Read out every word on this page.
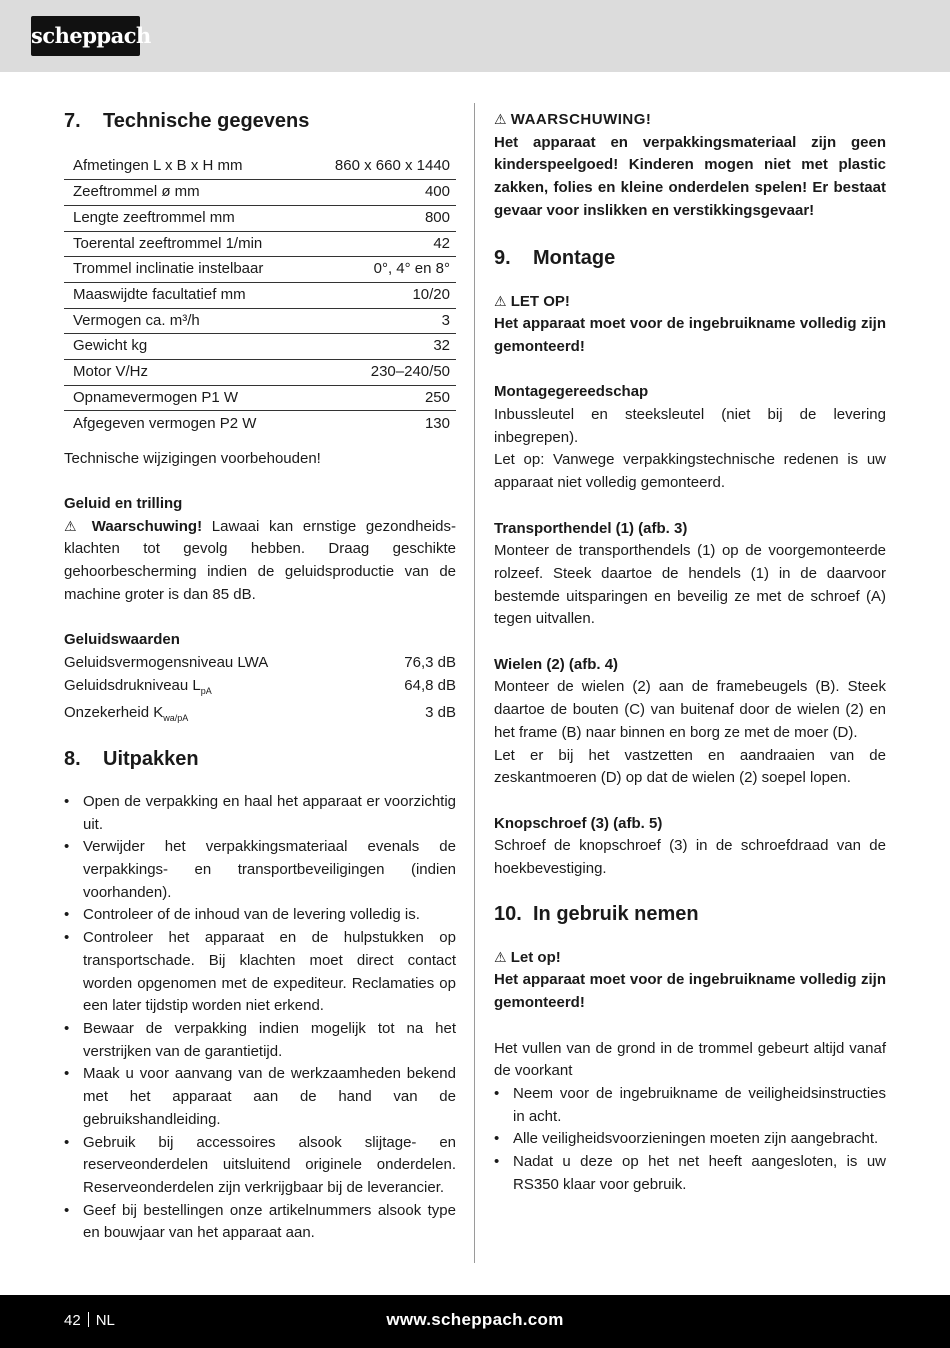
scheppach
7.	Technische gegevens
Afmetingen L x B x H mm	860 x 660 x 1440
Zeeftrommel ø mm	400
Lengte zeeftrommel mm	800
Toerental zeeftrommel 1/min	42
Trommel inclinatie instelbaar	0°, 4° en 8°
Maaswijdte facultatief mm	10/20
Vermogen ca. m³/h	3
Gewicht kg	32
Motor V/Hz	230–240/50
Opnamevermogen P1 W	250
Afgegeven vermogen P2 W	130
Technische wijzigingen voorbehouden!
Geluid en trilling
⚠ Waarschuwing! Lawaai kan ernstige gezondheidsklachten tot gevolg hebben. Draag geschikte gehoorbescherming indien de geluidsproductie van de machine groter is dan 85 dB.
Geluidswaarden
Geluidsvermogensniveau LWA	76,3 dB
Geluidsdrukniveau $L_{pA}$	64,8 dB
Onzekerheid $K_{wa/pA}$	3 dB
8.	Uitpakken
• Open de verpakking en haal het apparaat er voorzichtig uit.
• Verwijder het verpakkingsmateriaal evenals de verpakkings- en transportbeveiligingen (indien voorhanden).
• Controleer of de inhoud van de levering volledig is.
• Controleer het apparaat en de hulpstukken op transportschade. Bij klachten moet direct contact worden opgenomen met de expediteur. Reclamaties op een later tijdstip worden niet erkend.
• Bewaar de verpakking indien mogelijk tot na het verstrijken van de garantietijd.
• Maak u voor aanvang van de werkzaamheden bekend met het apparaat aan de hand van de gebruikshandleiding.
• Gebruik bij accessoires alsook slijtage- en reserveonderdelen uitsluitend originele onderdelen. Reserveonderdelen zijn verkrijgbaar bij de leverancier.
• Geef bij bestellingen onze artikelnummers alsook type en bouwjaar van het apparaat aan.
⚠ WAARSCHUWING!
Het apparaat en verpakkingsmateriaal zijn geen kinderspeelgoed! Kinderen mogen niet met plastic zakken, folies en kleine onderdelen spelen! Er bestaat gevaar voor inslikken en verstikkingsgevaar!
9.	Montage
⚠ LET OP!
Het apparaat moet voor de ingebruikname volledig zijn gemonteerd!
Montagegereedschap
Inbussleutel en steeksleutel (niet bij de levering inbegrepen).
Let op: Vanwege verpakkingstechnische redenen is uw apparaat niet volledig gemonteerd.
Transporthendel (1) (afb. 3)
Monteer de transporthendels (1) op de voorgemonteerde rolzeef. Steek daartoe de hendels (1) in de daarvoor bestemde uitsparingen en beveilig ze met de schroef (A) tegen uitvallen.
Wielen (2) (afb. 4)
Monteer de wielen (2) aan de framebeugels (B). Steek daartoe de bouten (C) van buitenaf door de wielen (2) en het frame (B) naar binnen en borg ze met de moer (D).
Let er bij het vastzetten en aandraaien van de zeskantmoeren (D) op dat de wielen (2) soepel lopen.
Knopschroef (3) (afb. 5)
Schroef de knopschroef (3) in de schroefdraad van de hoekbevestiging.
10. In gebruik nemen
⚠ Let op!
Het apparaat moet voor de ingebruikname volledig zijn gemonteerd!
Het vullen van de grond in de trommel gebeurt altijd vanaf de voorkant
• Neem voor de ingebruikname de veiligheidsinstructies in acht.
• Alle veiligheidsvoorzieningen moeten zijn aangebracht.
• Nadat u deze op het net heeft aangesloten, is uw RS350 klaar voor gebruik.
42 NL	www.scheppach.com
